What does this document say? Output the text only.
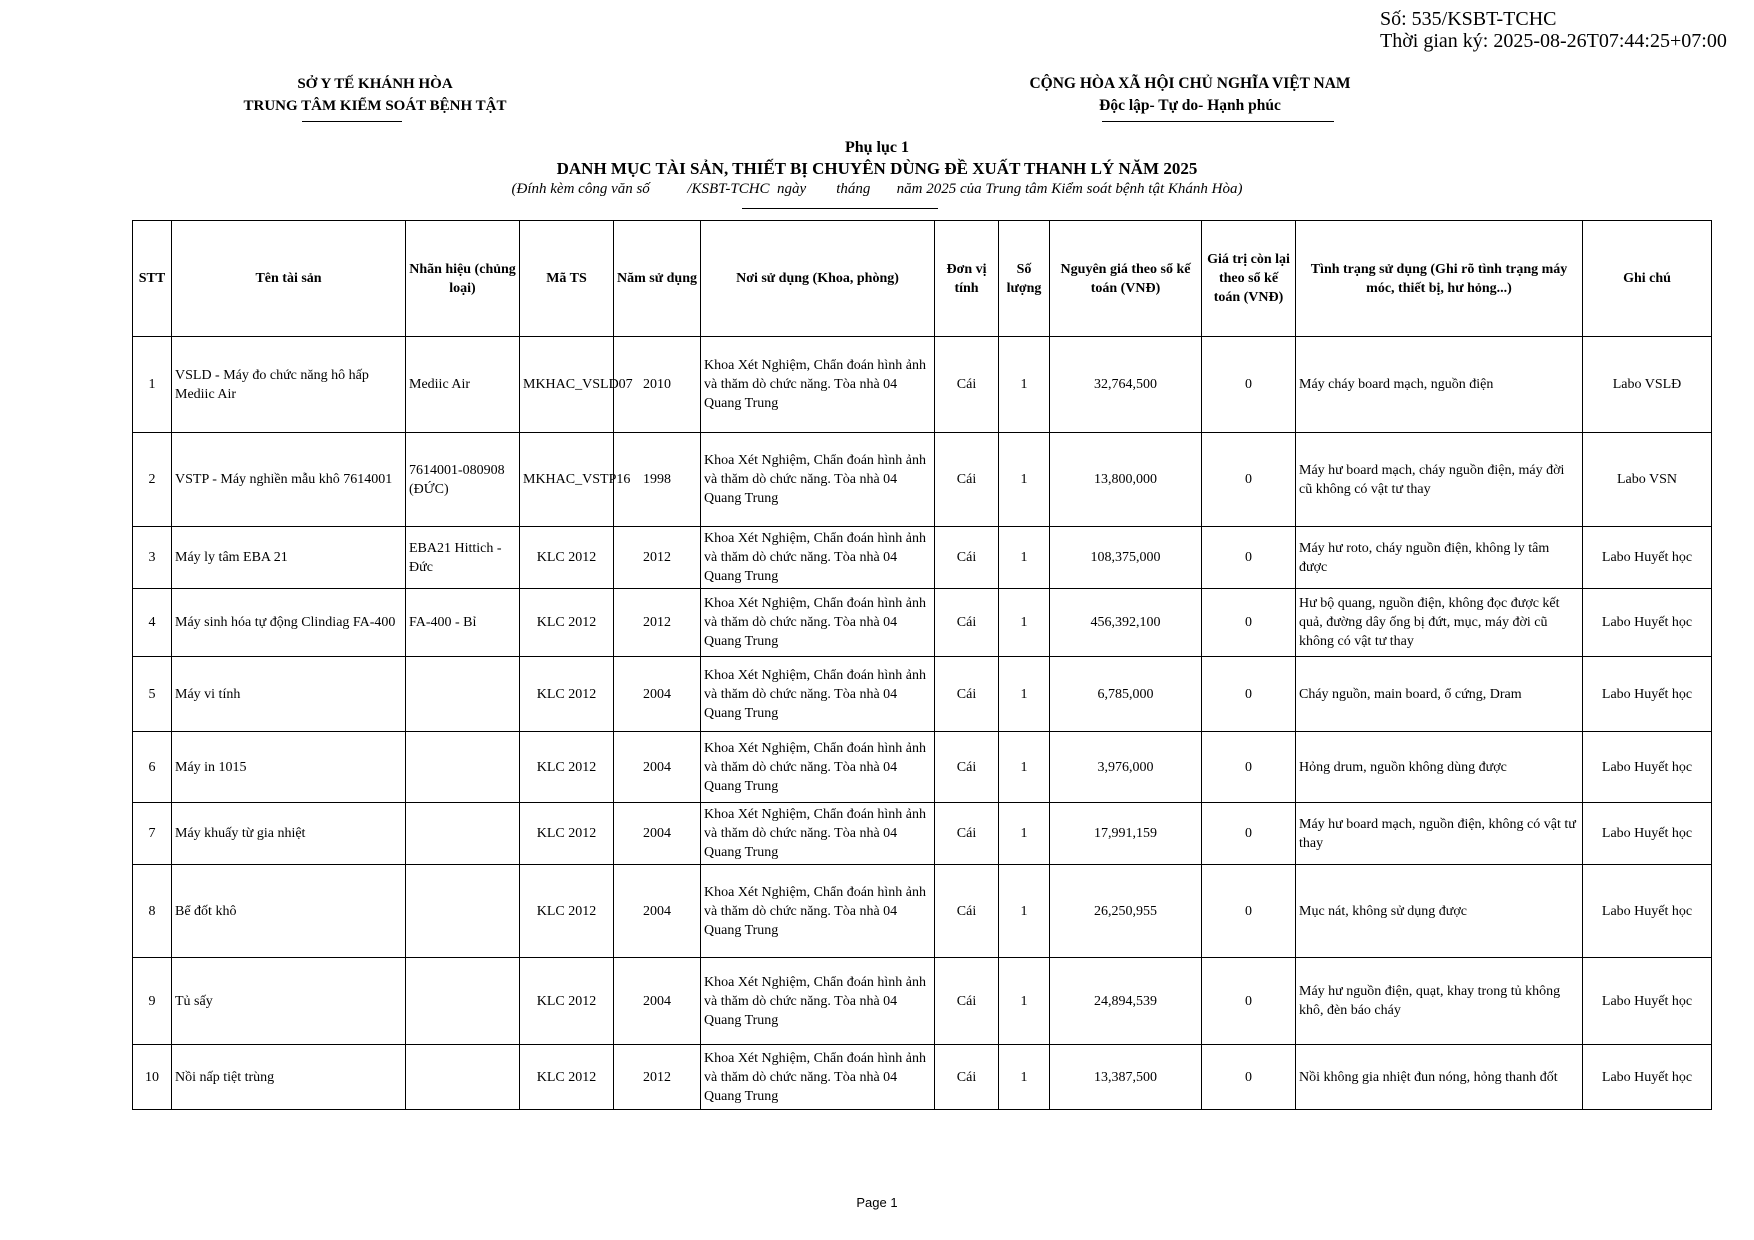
Số: 535/KSBT-TCHC
Thời gian ký: 2025-08-26T07:44:25+07:00
SỞ Y TẾ KHÁNH HÒA
TRUNG TÂM KIỂM SOÁT BỆNH TẬT
CỘNG HÒA XÃ HỘI CHỦ NGHĨA VIỆT NAM
Độc lập- Tự do- Hạnh phúc
Phụ lục 1
DANH MỤC TÀI SẢN, THIẾT BỊ CHUYÊN DÙNG ĐỀ XUẤT THANH LÝ NĂM 2025
(Đính kèm công văn số          /KSBT-TCHC  ngày        tháng       năm 2025 của Trung tâm Kiểm soát bệnh tật Khánh Hòa)
STT	Tên tài sản	Nhãn hiệu (chủng loại)	Mã TS	Năm sử dụng	Nơi sử dụng (Khoa, phòng)	Đơn vị tính	Số lượng	Nguyên giá theo sổ kế toán (VNĐ)	Giá trị còn lại theo sổ kế toán (VNĐ)	Tình trạng sử dụng (Ghi rõ tình trạng máy móc, thiết bị, hư hỏng...)	Ghi chú
1	VSLD - Máy đo chức năng hô hấp Mediic Air	Mediic Air	MKHAC_VSLD07	2010	Khoa Xét Nghiệm, Chẩn đoán hình ảnh và thăm dò chức năng. Tòa nhà 04 Quang Trung	Cái	1	32,764,500	0	Máy cháy board mạch, nguồn điện	Labo VSLĐ
2	VSTP - Máy nghiền mẫu khô 7614001	7614001-080908 (ĐỨC)	MKHAC_VSTP16	1998	Khoa Xét Nghiệm, Chẩn đoán hình ảnh và thăm dò chức năng. Tòa nhà 04 Quang Trung	Cái	1	13,800,000	0	Máy hư board mạch, cháy nguồn điện, máy đời cũ không có vật tư thay	Labo VSN
3	Máy ly tâm EBA 21	EBA21 Hittich - Đức	KLC 2012	2012	Khoa Xét Nghiệm, Chẩn đoán hình ảnh và thăm dò chức năng. Tòa nhà 04 Quang Trung	Cái	1	108,375,000	0	Máy hư roto, cháy nguồn điện, không ly tâm được	Labo Huyết học
4	Máy sinh hóa tự động Clindiag FA-400	FA-400 - Bỉ	KLC 2012	2012	Khoa Xét Nghiệm, Chẩn đoán hình ảnh và thăm dò chức năng. Tòa nhà 04 Quang Trung	Cái	1	456,392,100	0	Hư bộ quang, nguồn điện, không đọc được kết quả, đường dây ống bị đứt, mục, máy đời cũ không có vật tư thay	Labo Huyết học
5	Máy vi tính		KLC 2012	2004	Khoa Xét Nghiệm, Chẩn đoán hình ảnh và thăm dò chức năng. Tòa nhà 04 Quang Trung	Cái	1	6,785,000	0	Cháy nguồn, main board, ổ cứng, Dram	Labo Huyết học
6	Máy in 1015		KLC 2012	2004	Khoa Xét Nghiệm, Chẩn đoán hình ảnh và thăm dò chức năng. Tòa nhà 04 Quang Trung	Cái	1	3,976,000	0	Hỏng drum, nguồn không dùng được	Labo Huyết học
7	Máy khuấy từ gia nhiệt		KLC 2012	2004	Khoa Xét Nghiệm, Chẩn đoán hình ảnh và thăm dò chức năng. Tòa nhà 04 Quang Trung	Cái	1	17,991,159	0	Máy hư board mạch, nguồn điện, không có vật tư thay	Labo Huyết học
8	Bể đốt khô		KLC 2012	2004	Khoa Xét Nghiệm, Chẩn đoán hình ảnh và thăm dò chức năng. Tòa nhà 04 Quang Trung	Cái	1	26,250,955	0	Mục nát, không sử dụng được	Labo Huyết học
9	Tủ sấy		KLC 2012	2004	Khoa Xét Nghiệm, Chẩn đoán hình ảnh và thăm dò chức năng. Tòa nhà 04 Quang Trung	Cái	1	24,894,539	0	Máy hư nguồn điện, quạt, khay trong tủ không khô, đèn báo cháy	Labo Huyết học
10	Nồi nấp tiệt trùng		KLC 2012	2012	Khoa Xét Nghiệm, Chẩn đoán hình ảnh và thăm dò chức năng. Tòa nhà 04 Quang Trung	Cái	1	13,387,500	0	Nồi không gia nhiệt đun nóng, hỏng thanh đốt	Labo Huyết học
Page 1
